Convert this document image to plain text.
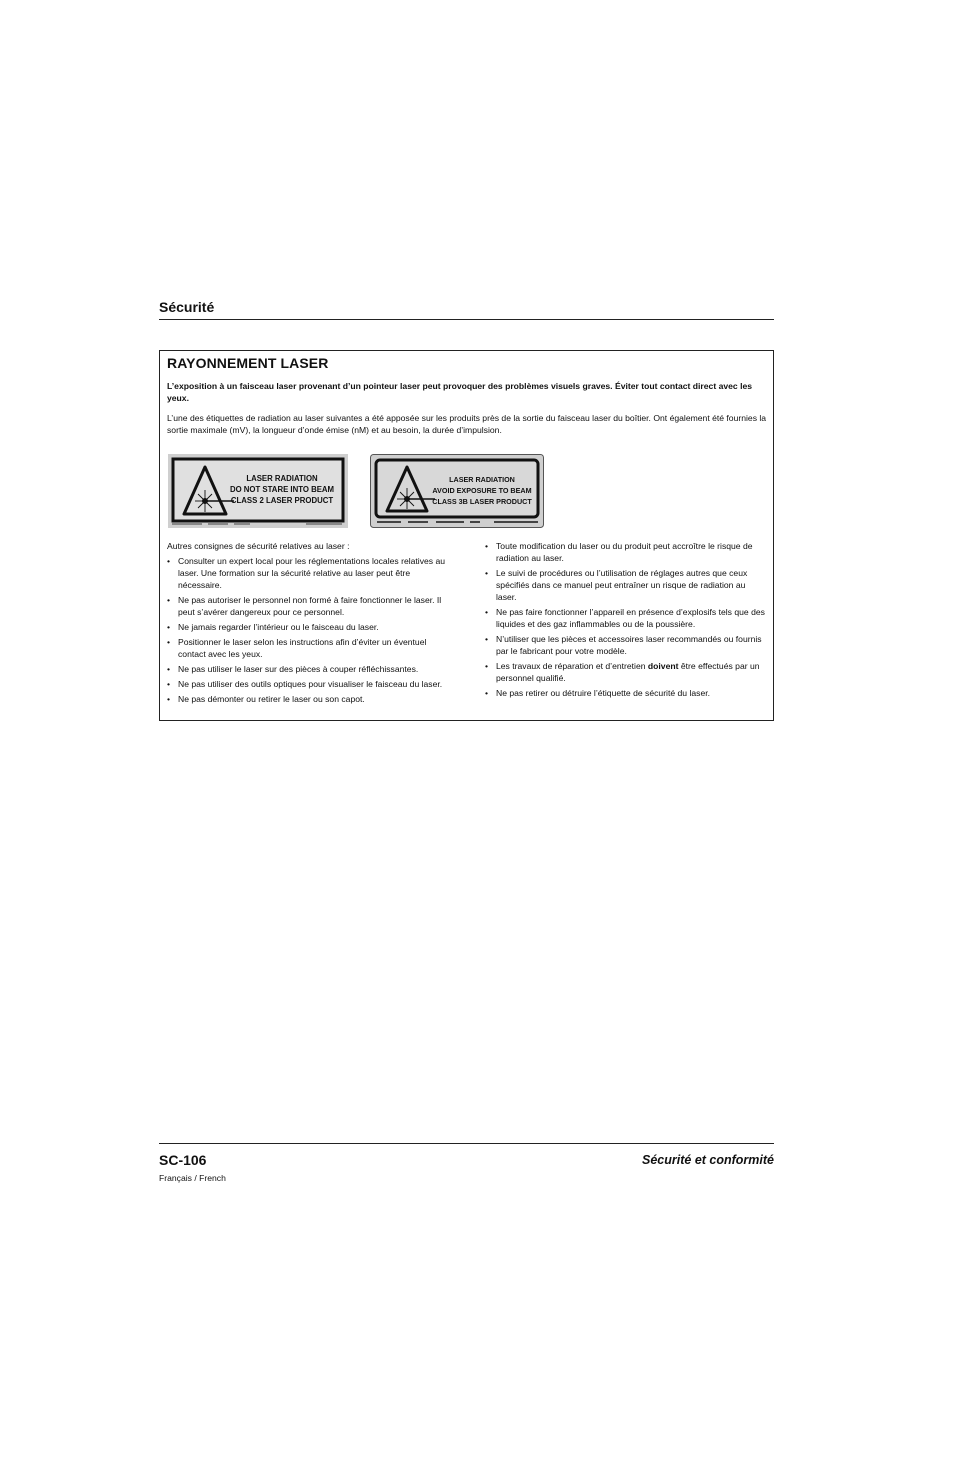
Sécurité
RAYONNEMENT LASER

L’exposition à un faisceau laser provenant d’un pointeur laser peut provoquer des problèmes visuels graves. Éviter tout contact direct avec les yeux.

L’une des étiquettes de radiation au laser suivantes a été apposée sur les produits près de la sortie du faisceau laser du boîtier. Ont également été fournies la sortie maximale (mV), la longueur d’onde émise (nM) et au besoin, la durée d’impulsion.

LASER RADIATION
DO NOT STARE INTO BEAM
CLASS 2 LASER PRODUCT
LASER RADIATION
AVOID EXPOSURE TO BEAM
CLASS 3B LASER PRODUCT

Autres consignes de sécurité relatives au laser :

• Consulter un expert local pour les réglementations locales relatives au laser. Une formation sur la sécurité relative au laser peut être nécessaire.
• Ne pas autoriser le personnel non formé à faire fonctionner le laser. Il peut s’avérer dangereux pour ce personnel.
• Ne jamais regarder l’intérieur ou le faisceau du laser.
• Positionner le laser selon les instructions afin d’éviter un éventuel contact avec les yeux.
• Ne pas utiliser le laser sur des pièces à couper réfléchissantes.
• Ne pas utiliser des outils optiques pour visualiser le faisceau du laser.
• Ne pas démonter ou retirer le laser ou son capot.
• Toute modification du laser ou du produit peut accroître le risque de radiation au laser.
• Le suivi de procédures ou l’utilisation de réglages autres que ceux spécifiés dans ce manuel peut entraîner un risque de radiation au laser.
• Ne pas faire fonctionner l’appareil en présence d’explosifs tels que des liquides et des gaz inflammables ou de la poussière.
• N’utiliser que les pièces et accessoires laser recommandés ou fournis par le fabricant pour votre modèle.
• Les travaux de réparation et d’entretien doivent être effectués par un personnel qualifié.
• Ne pas retirer ou détruire l’étiquette de sécurité du laser.

SC-106	Sécurité et conformité

Français / French
